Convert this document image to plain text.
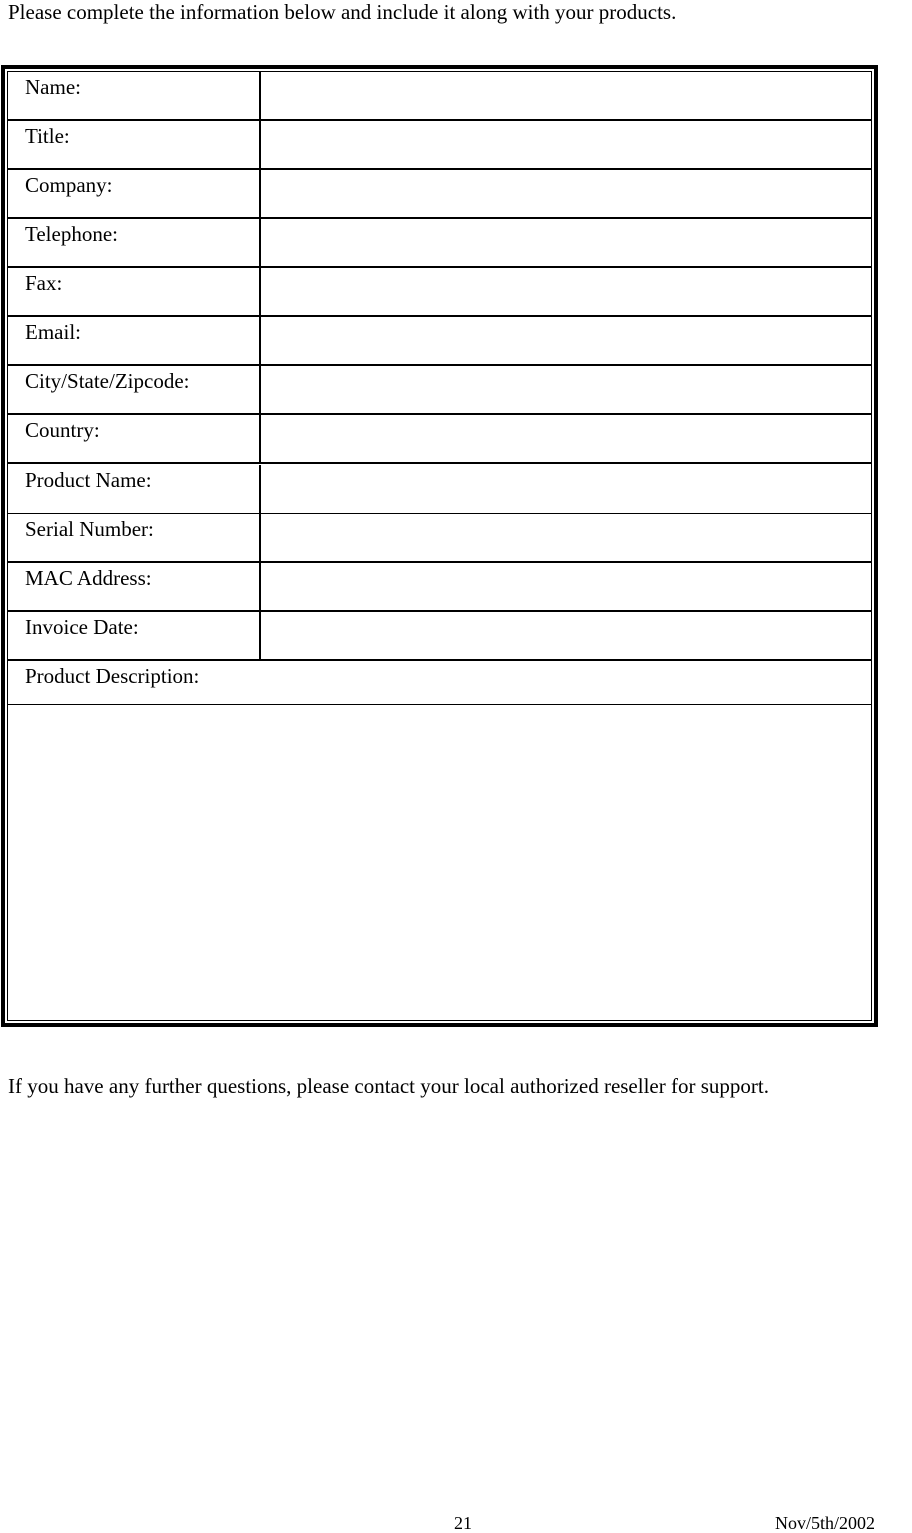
Please complete the information below and include it along with your products.
Name:
Title:
Company:
Telephone:
Fax:
Email:
City/State/Zipcode:
Country:
Product Name:
Serial Number:
MAC Address:
Invoice Date:
Product Description:
If you have any further questions, please contact your local authorized reseller for support.
21	Nov/5th/2002
